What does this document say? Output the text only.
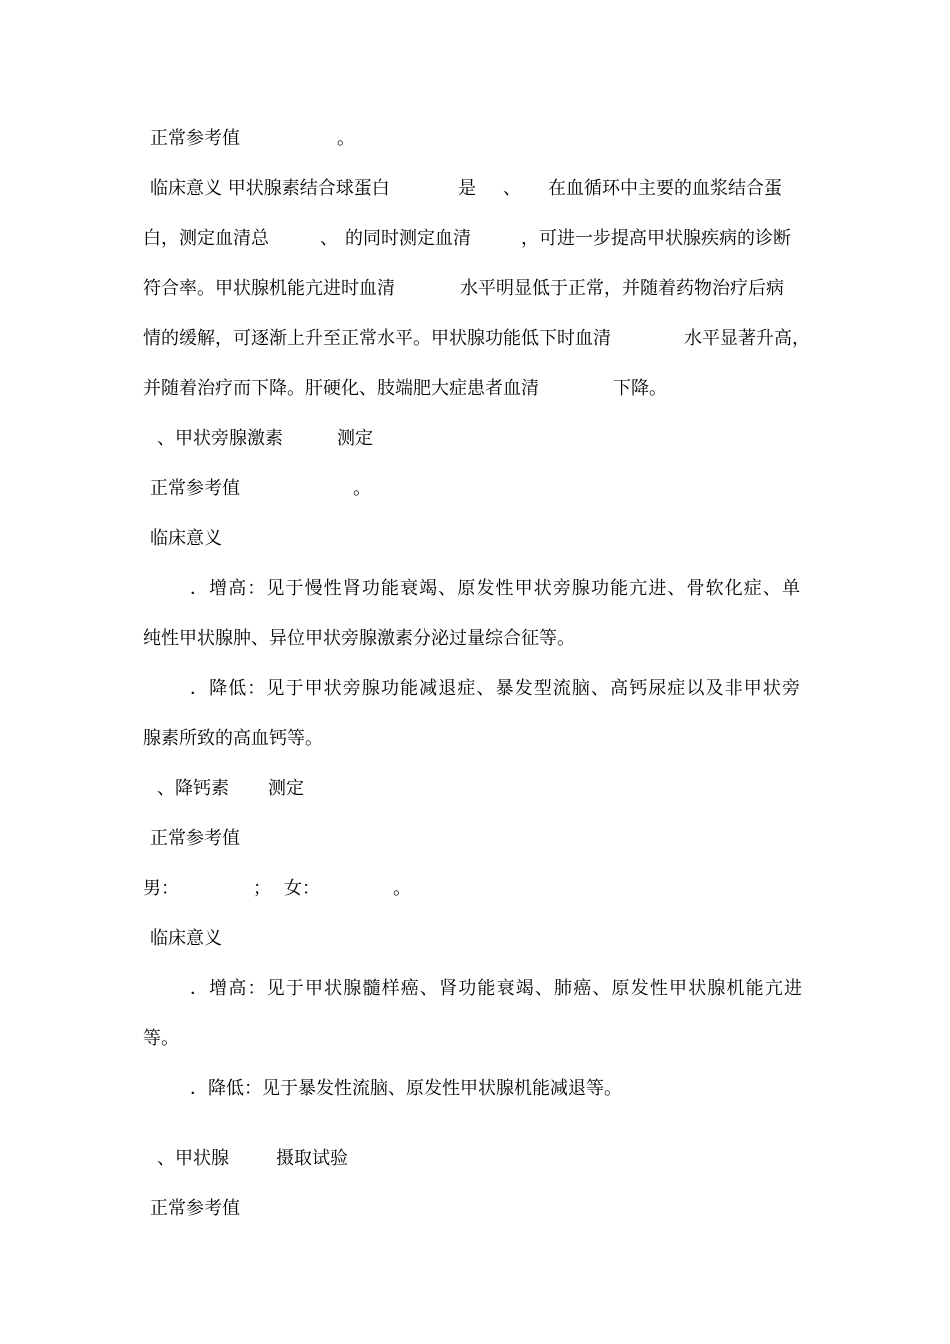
正常参考值	。
临床意义 甲状腺素结合球蛋白	是 、 在血循环中主要的血浆结合蛋
白，测定血清总	、 的同时测定血清	，可进一步提高甲状腺疾病的诊断
符合率。甲状腺机能亢进时血清	水平明显低于正常，并随着药物治疗后病
情的缓解，可逐渐上升至正常水平。甲状腺功能低下时血清	水平显著升高，
并随着治疗而下降。肝硬化、肢端肥大症患者血清	下降。
、甲状旁腺激素	测定
正常参考值	。
临床意义
．增高：见于慢性肾功能衰竭、原发性甲状旁腺功能亢进、骨软化症、单
纯性甲状腺肿、异位甲状旁腺激素分泌过量综合征等。
．降低：见于甲状旁腺功能减退症、暴发型流脑、高钙尿症以及非甲状旁
腺素所致的高血钙等。
、降钙素 测定
正常参考值
男：	； 女：	。
临床意义
．增高：见于甲状腺髓样癌、肾功能衰竭、肺癌、原发性甲状腺机能亢进
等。
．降低：见于暴发性流脑、原发性甲状腺机能减退等。
、甲状腺	摄取试验
正常参考值
